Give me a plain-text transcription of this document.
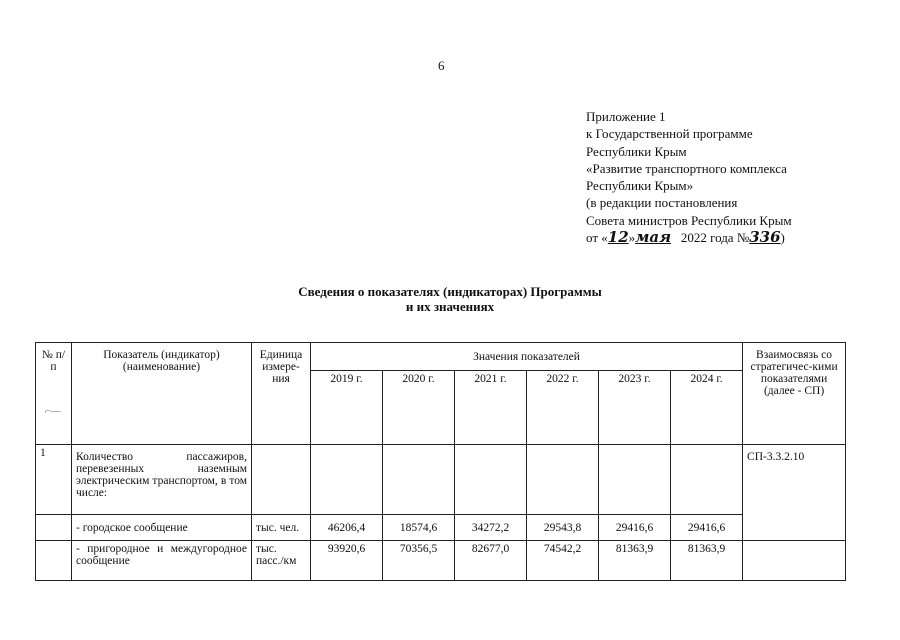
6
Приложение 1
к Государственной программе
Республики Крым
«Развитие транспортного комплекса
Республики Крым»
(в редакции постановления
Совета министров Республики Крым
от «12»мая 2022 года №336)
Сведения о показателях (индикаторах) Программы
и их значениях
⌐—
№ п/п	Показатель (индикатор) (наименование)	Единица измере-ния	Значения показателей						Взаимосвязь со стратегичес-кими показателями (далее - СП)
			2019 г.	2020 г.	2021 г.	2022 г.	2023 г.	2024 г.	
1	Количество пассажиров, перевезенных наземным электрическим транспортом, в том числе:								СП-3.3.2.10
	- городское сообщение	тыс. чел.	46206,4	18574,6	34272,2	29543,8	29416,6	29416,6	
	- пригородное и междугородное сообщение	тыс. пасс./км	93920,6	70356,5	82677,0	74542,2	81363,9	81363,9	
